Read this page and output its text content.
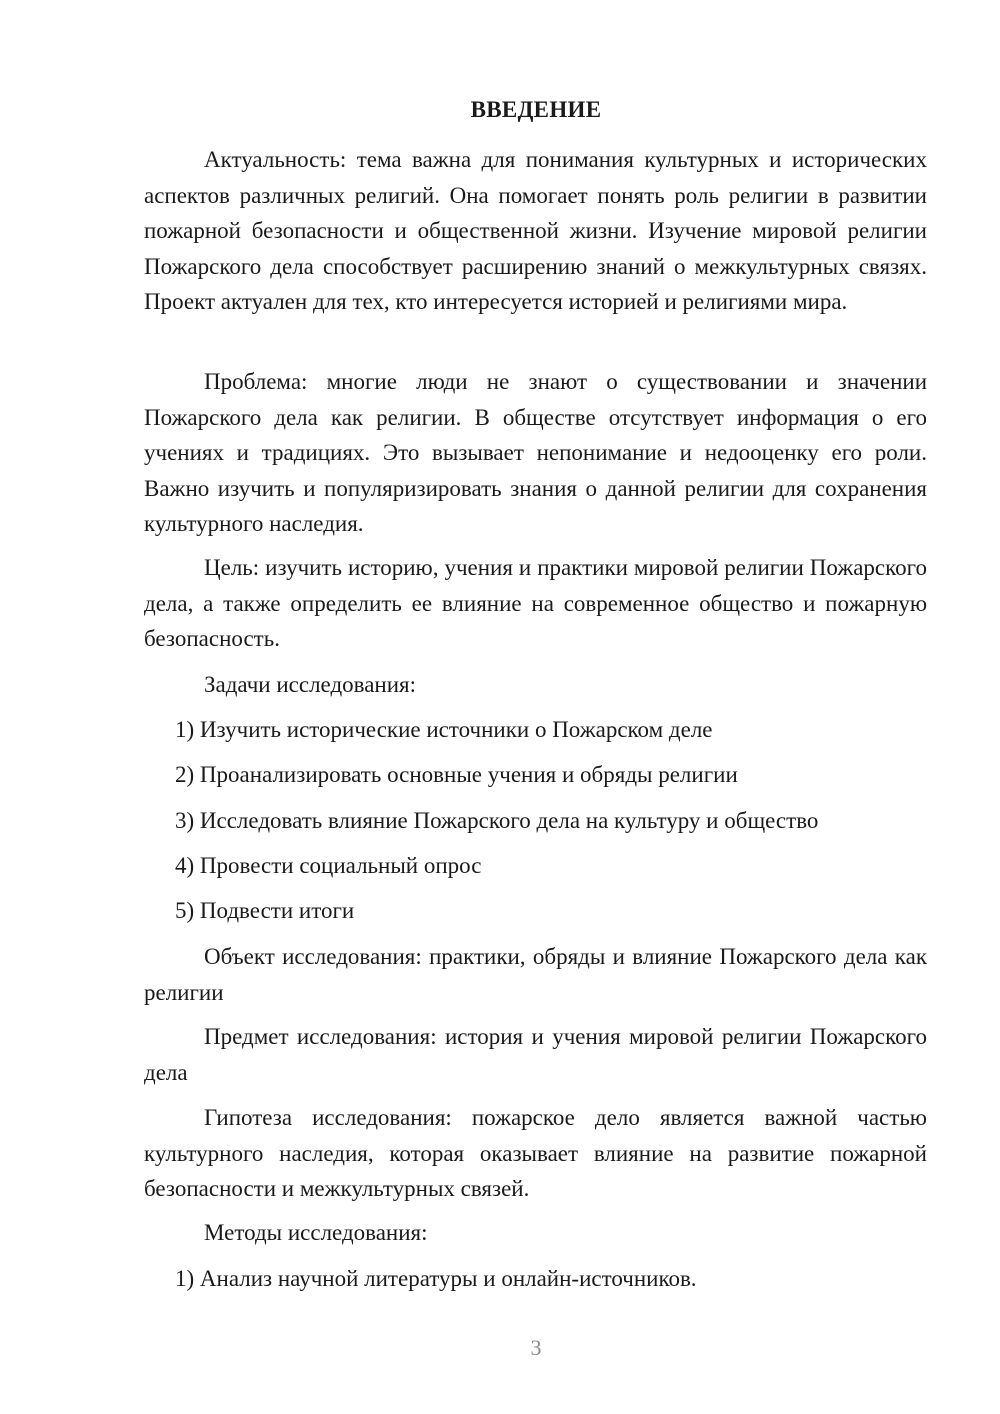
ВВЕДЕНИЕ

Актуальность: тема важна для понимания культурных и исторических аспектов различных религий. Она помогает понять роль религии в развитии пожарной безопасности и общественной жизни. Изучение мировой религии Пожарского дела способствует расширению знаний о межкультурных связях. Проект актуален для тех, кто интересуется историей и религиями мира.

Проблема: многие люди не знают о существовании и значении Пожарского дела как религии. В обществе отсутствует информация о его учениях и традициях. Это вызывает непонимание и недооценку его роли. Важно изучить и популяризировать знания о данной религии для сохранения культурного наследия.

Цель: изучить историю, учения и практики мировой религии Пожарского дела, а также определить ее влияние на современное общество и пожарную безопасность.

Задачи исследования:

1) Изучить исторические источники о Пожарском деле

2) Проанализировать основные учения и обряды религии

3) Исследовать влияние Пожарского дела на культуру и общество

4) Провести социальный опрос

5) Подвести итоги

Объект исследования: практики, обряды и влияние Пожарского дела как религии

Предмет исследования: история и учения мировой религии Пожарского дела

Гипотеза исследования: пожарское дело является важной частью культурного наследия, которая оказывает влияние на развитие пожарной безопасности и межкультурных связей.

Методы исследования:

1) Анализ научной литературы и онлайн-источников.

3
